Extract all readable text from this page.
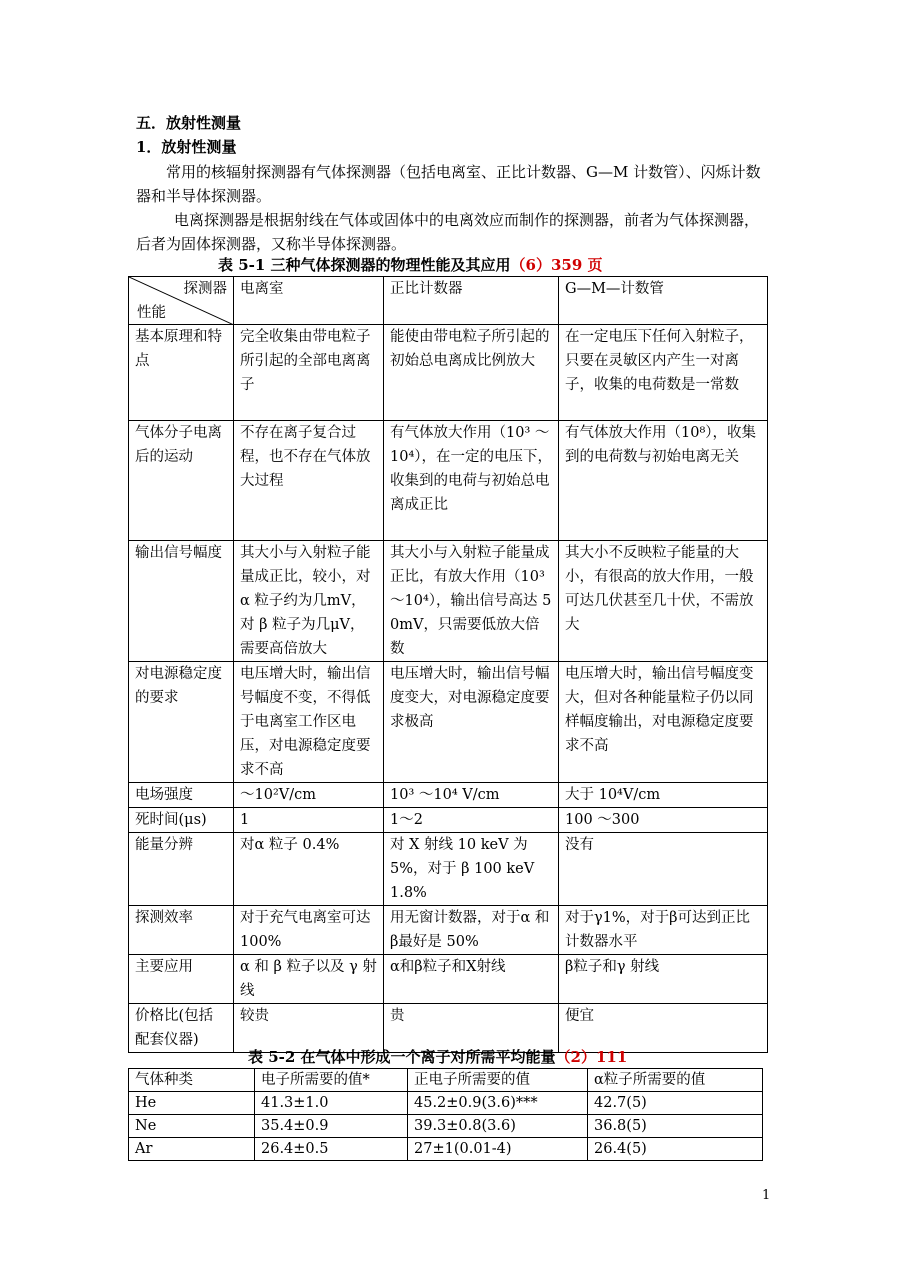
五．放射性测量
1．放射性测量
常用的核辐射探测器有气体探测器（包括电离室、正比计数器、G—M 计数管）、闪烁计数器和半导体探测器。
电离探测器是根据射线在气体或固体中的电离效应而制作的探测器，前者为气体探测器，后者为固体探测器，又称半导体探测器。
表 5-1 三种气体探测器的物理性能及其应用（6）359 页
探测器
性能	电离室	正比计数器	G—M—计数管
基本原理和特点	完全收集由带电粒子所引起的全部电离离子	能使由带电粒子所引起的初始总电离成比例放大	在一定电压下任何入射粒子，只要在灵敏区内产生一对离子，收集的电荷数是一常数
气体分子电离后的运动	不存在离子复合过程，也不存在气体放大过程	有气体放大作用（10³ ～10⁴），在一定的电压下，收集到的电荷与初始总电离成正比	有气体放大作用（10⁸），收集到的电荷数与初始电离无关
输出信号幅度	其大小与入射粒子能量成正比，较小，对 α 粒子约为几mV，对 β 粒子为几μV，需要高倍放大	其大小与入射粒子能量成正比，有放大作用（10³ ～10⁴），输出信号高达 50mV，只需要低放大倍数	其大小不反映粒子能量的大小，有很高的放大作用，一般可达几伏甚至几十伏，不需放大
对电源稳定度的要求	电压增大时，输出信号幅度不变，不得低于电离室工作区电压，对电源稳定度要求不高	电压增大时，输出信号幅度变大，对电源稳定度要求极高	电压增大时，输出信号幅度变大，但对各种能量粒子仍以同样幅度输出，对电源稳定度要求不高
电场强度	～10²V/cm	10³ ～10⁴ V/cm	大于 10⁴V/cm
死时间(μs)	1	1～2	100 ～300
能量分辨	对α 粒子 0.4%	对 X 射线 10 keV 为 5%，对于 β 100 keV 1.8%	没有
探测效率	对于充气电离室可达 100%	用无窗计数器，对于α 和β最好是 50%	对于γ1%，对于β可达到正比计数器水平
主要应用	α 和 β 粒子以及 γ 射线	α和β粒子和X射线	β粒子和γ 射线
价格比(包括配套仪器)	较贵	贵	便宜
表 5-2 在气体中形成一个离子对所需平均能量（2）111
气体种类	电子所需要的值*	正电子所需要的值	α粒子所需要的值
He	41.3±1.0	45.2±0.9(3.6)***	42.7(5)
Ne	35.4±0.9	39.3±0.8(3.6)	36.8(5)
Ar	26.4±0.5	27±1(0.01-4)	26.4(5)
1
